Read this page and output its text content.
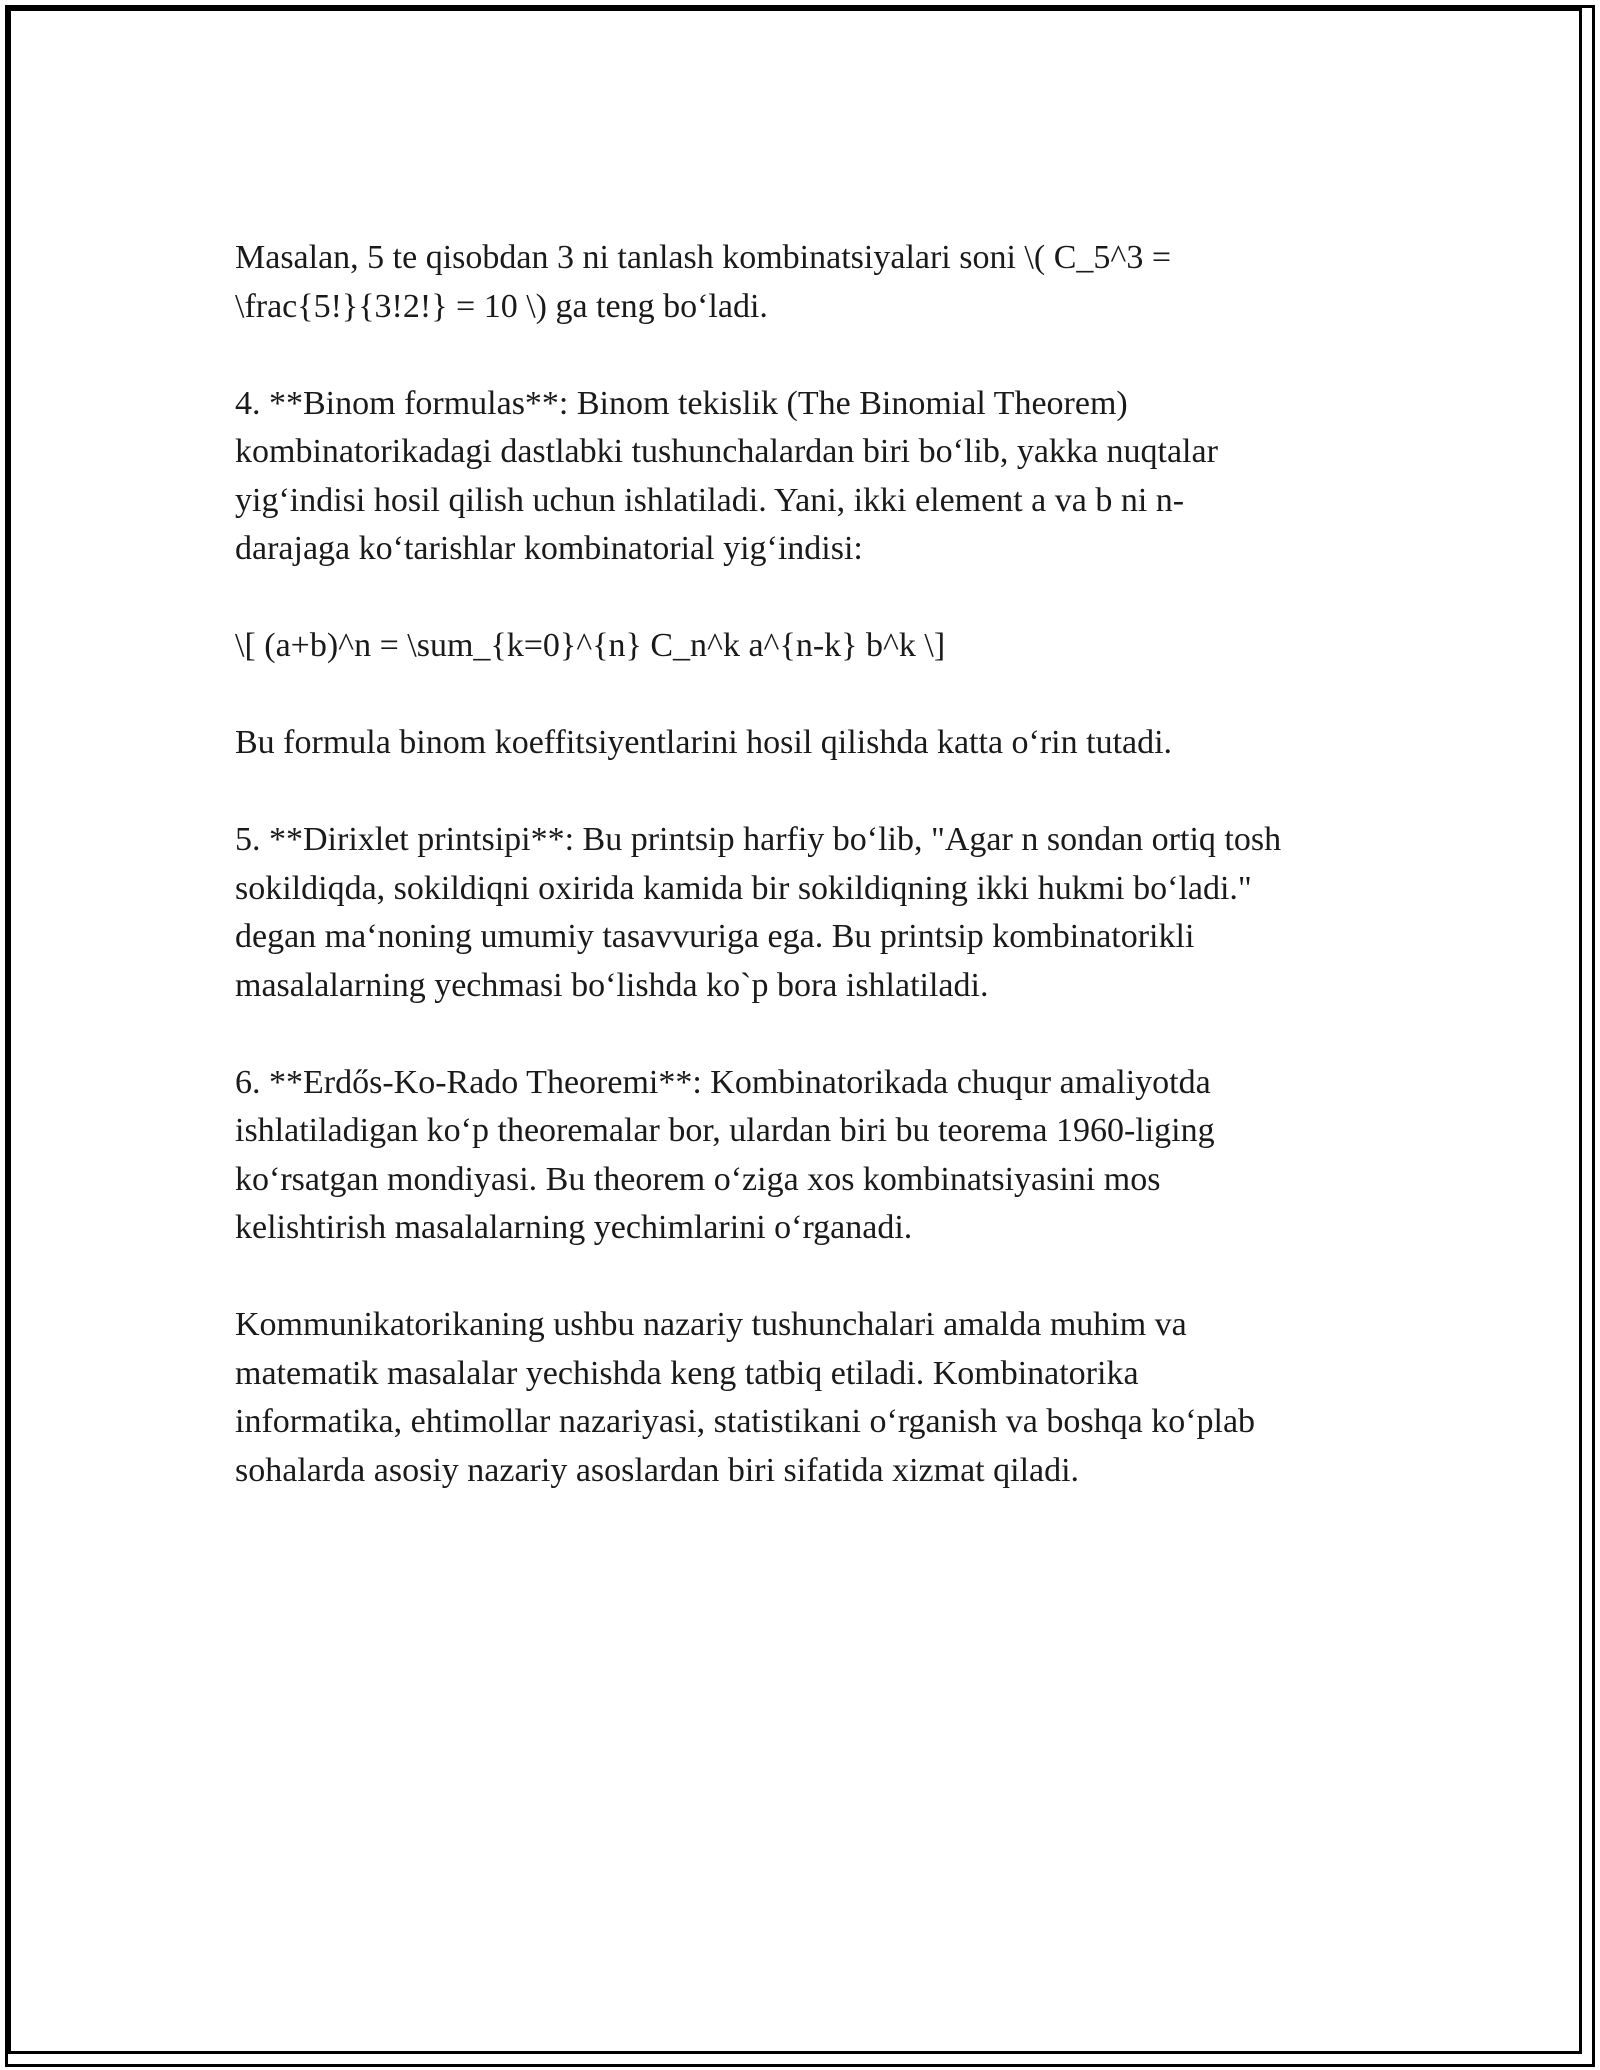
Masalan, 5 te qisobdan 3 ni tanlash kombinatsiyalari soni \( C_5^3 =
\frac{5!}{3!2!} = 10 \) ga teng bo‘ladi.

4. **Binom formulas**: Binom tekislik (The Binomial Theorem)
kombinatorikadagi dastlabki tushunchalardan biri bo‘lib, yakka nuqtalar
yig‘indisi hosil qilish uchun ishlatiladi. Yani, ikki element a va b ni n-
darajaga ko‘tarishlar kombinatorial yig‘indisi:

\[ (a+b)^n = \sum_{k=0}^{n} C_n^k a^{n-k} b^k \]

Bu formula binom koeffitsiyentlarini hosil qilishda katta o‘rin tutadi.

5. **Dirixlet printsipi**: Bu printsip harfiy bo‘lib, "Agar n sondan ortiq tosh
sokildiqda, sokildiqni oxirida kamida bir sokildiqning ikki hukmi bo‘ladi."
degan ma‘noning umumiy tasavvuriga ega. Bu printsip kombinatorikli
masalalarning yechmasi bo‘lishda ko`p bora ishlatiladi.

6. **Erdős-Ko-Rado Theoremi**: Kombinatorikada chuqur amaliyotda
ishlatiladigan ko‘p theoremalar bor, ulardan biri bu teorema 1960-liging
ko‘rsatgan mondiyasi. Bu theorem o‘ziga xos kombinatsiyasini mos
kelishtirish masalalarning yechimlarini o‘rganadi.

Kommunikatorikaning ushbu nazariy tushunchalari amalda muhim va
matematik masalalar yechishda keng tatbiq etiladi. Kombinatorika
informatika, ehtimollar nazariyasi, statistikani o‘rganish va boshqa ko‘plab
sohalarda asosiy nazariy asoslardan biri sifatida xizmat qiladi.
